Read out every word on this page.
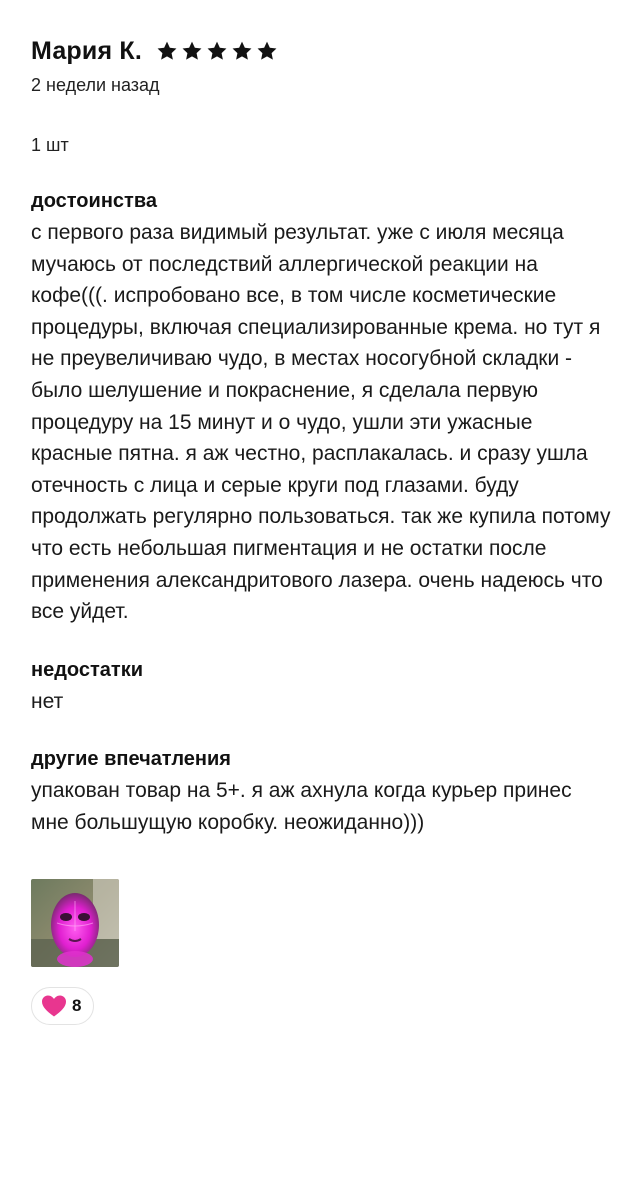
Мария К.
2 недели назад
1 шт
достоинства
с первого раза видимый результат. уже с июля месяца мучаюсь от последствий аллергической реакции на кофе(((. испробовано все, в том числе косметические процедуры, включая специализированные крема. но тут я не преувеличиваю чудо, в местах носогубной складки - было шелушение и покраснение, я сделала первую процедуру на 15 минут и о чудо, ушли эти ужасные красные пятна. я аж честно, расплакалась. и сразу ушла отечность с лица и серые круги под глазами. буду продолжать регулярно пользоваться. так же купила потому что есть небольшая пигментация и не остатки после применения александритового лазера. очень надеюсь что все уйдет.
недостатки
нет
другие впечатления
упакован товар на 5+. я аж ахнула когда курьер принес мне большущую коробку. неожиданно)))
8
